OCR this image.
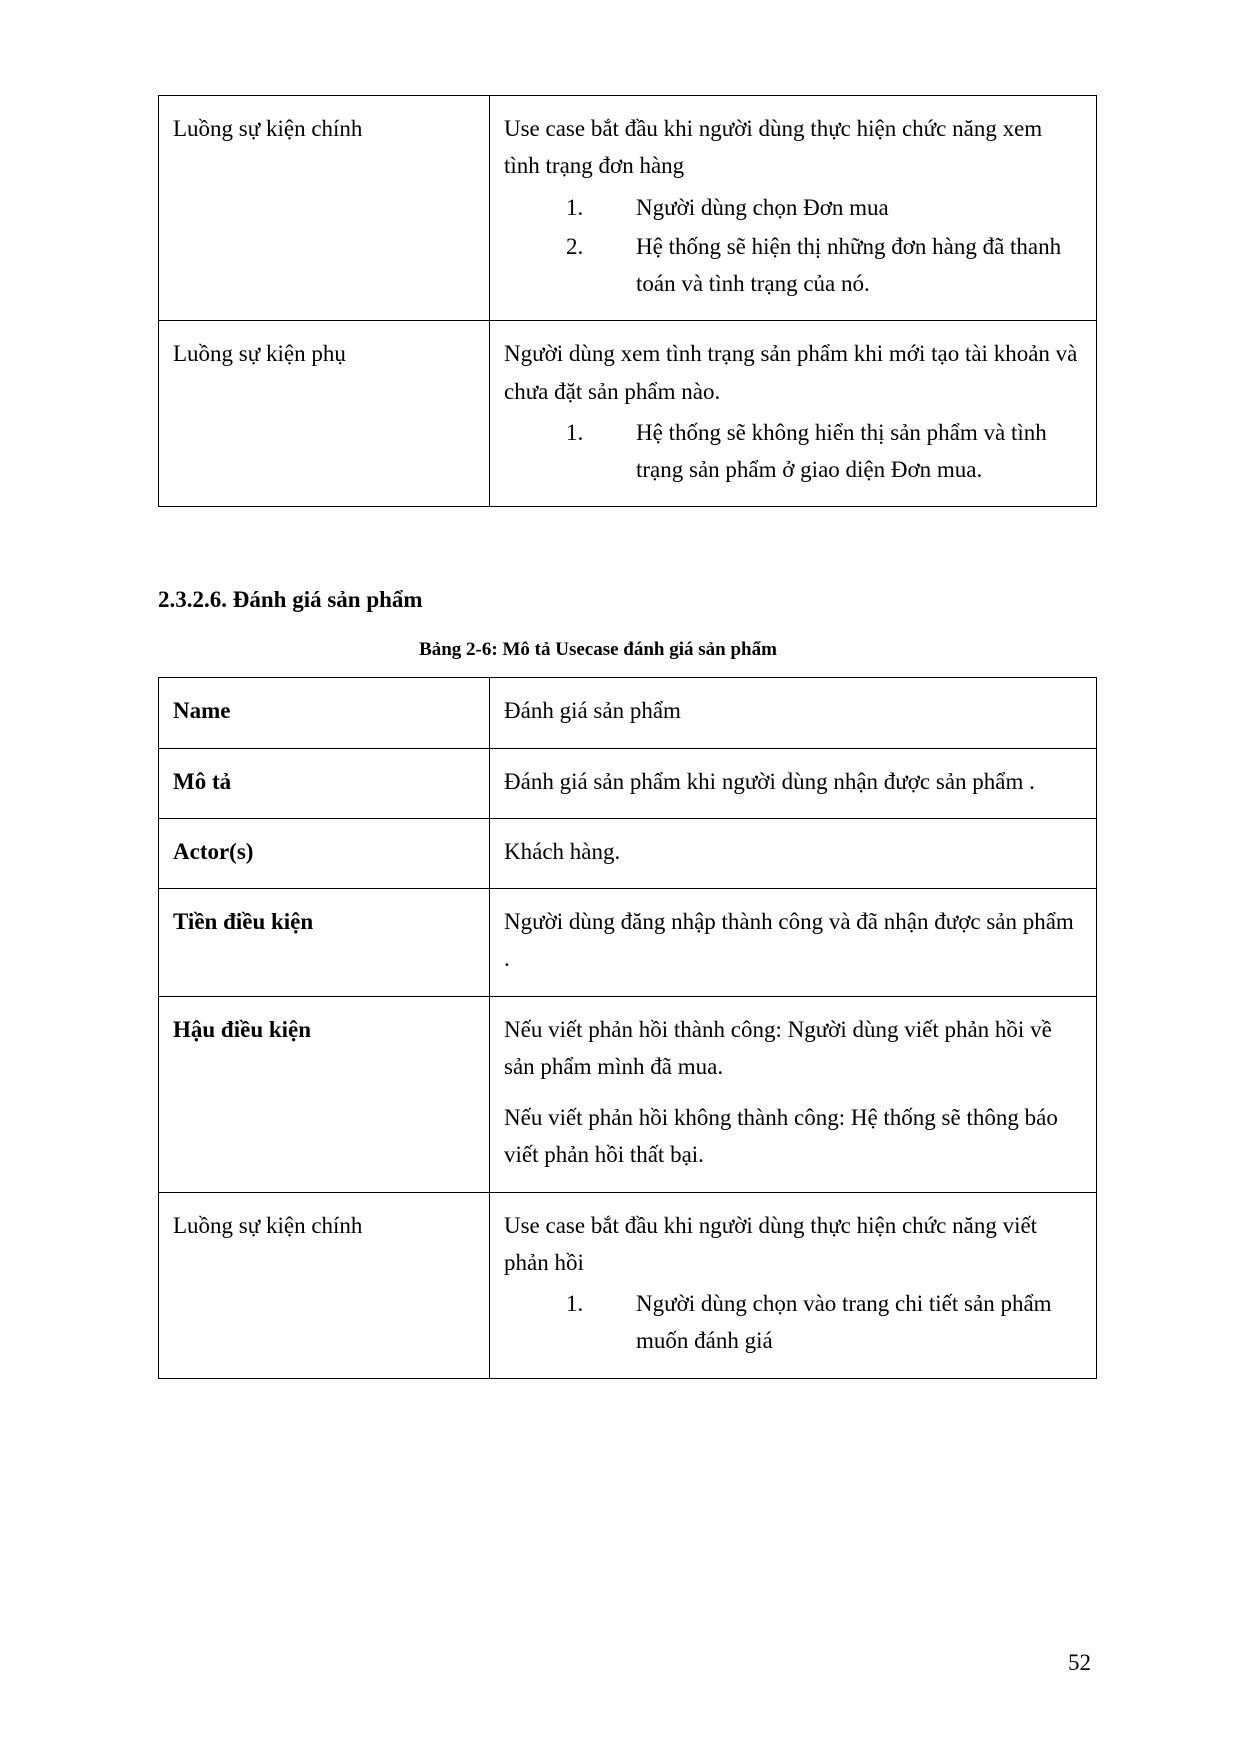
Luồng sự kiện chính	Use case bắt đầu khi người dùng thực hiện chức năng xem tình trạng đơn hàng

1.	Người dùng chọn Đơn mua
2.	Hệ thống sẽ hiện thị những đơn hàng đã thanh toán và tình trạng của nó.

Luồng sự kiện phụ	Người dùng xem tình trạng sản phẩm khi mới tạo tài khoản và chưa đặt sản phẩm nào.

1.	Hệ thống sẽ không hiển thị sản phẩm và tình trạng sản phẩm ở giao diện Đơn mua.
2.3.2.6. Đánh giá sản phẩm
Bảng 2-6: Mô tả Usecase đánh giá sản phẩm
Name	Đánh giá sản phẩm

Mô tả	Đánh giá sản phẩm khi người dùng nhận được sản phẩm .

Actor(s)	Khách hàng.

Tiền điều kiện	Người dùng đăng nhập thành công và đã nhận được sản phẩm .

Hậu điều kiện	Nếu viết phản hồi thành công: Người dùng viết phản hồi về sản phẩm mình đã mua.

Nếu viết phản hồi không thành công: Hệ thống sẽ thông báo viết phản hồi thất bại.

Luồng sự kiện chính	Use case bắt đầu khi người dùng thực hiện chức năng viết phản hồi

1.	Người dùng chọn vào trang chi tiết sản phẩm muốn đánh giá
52
